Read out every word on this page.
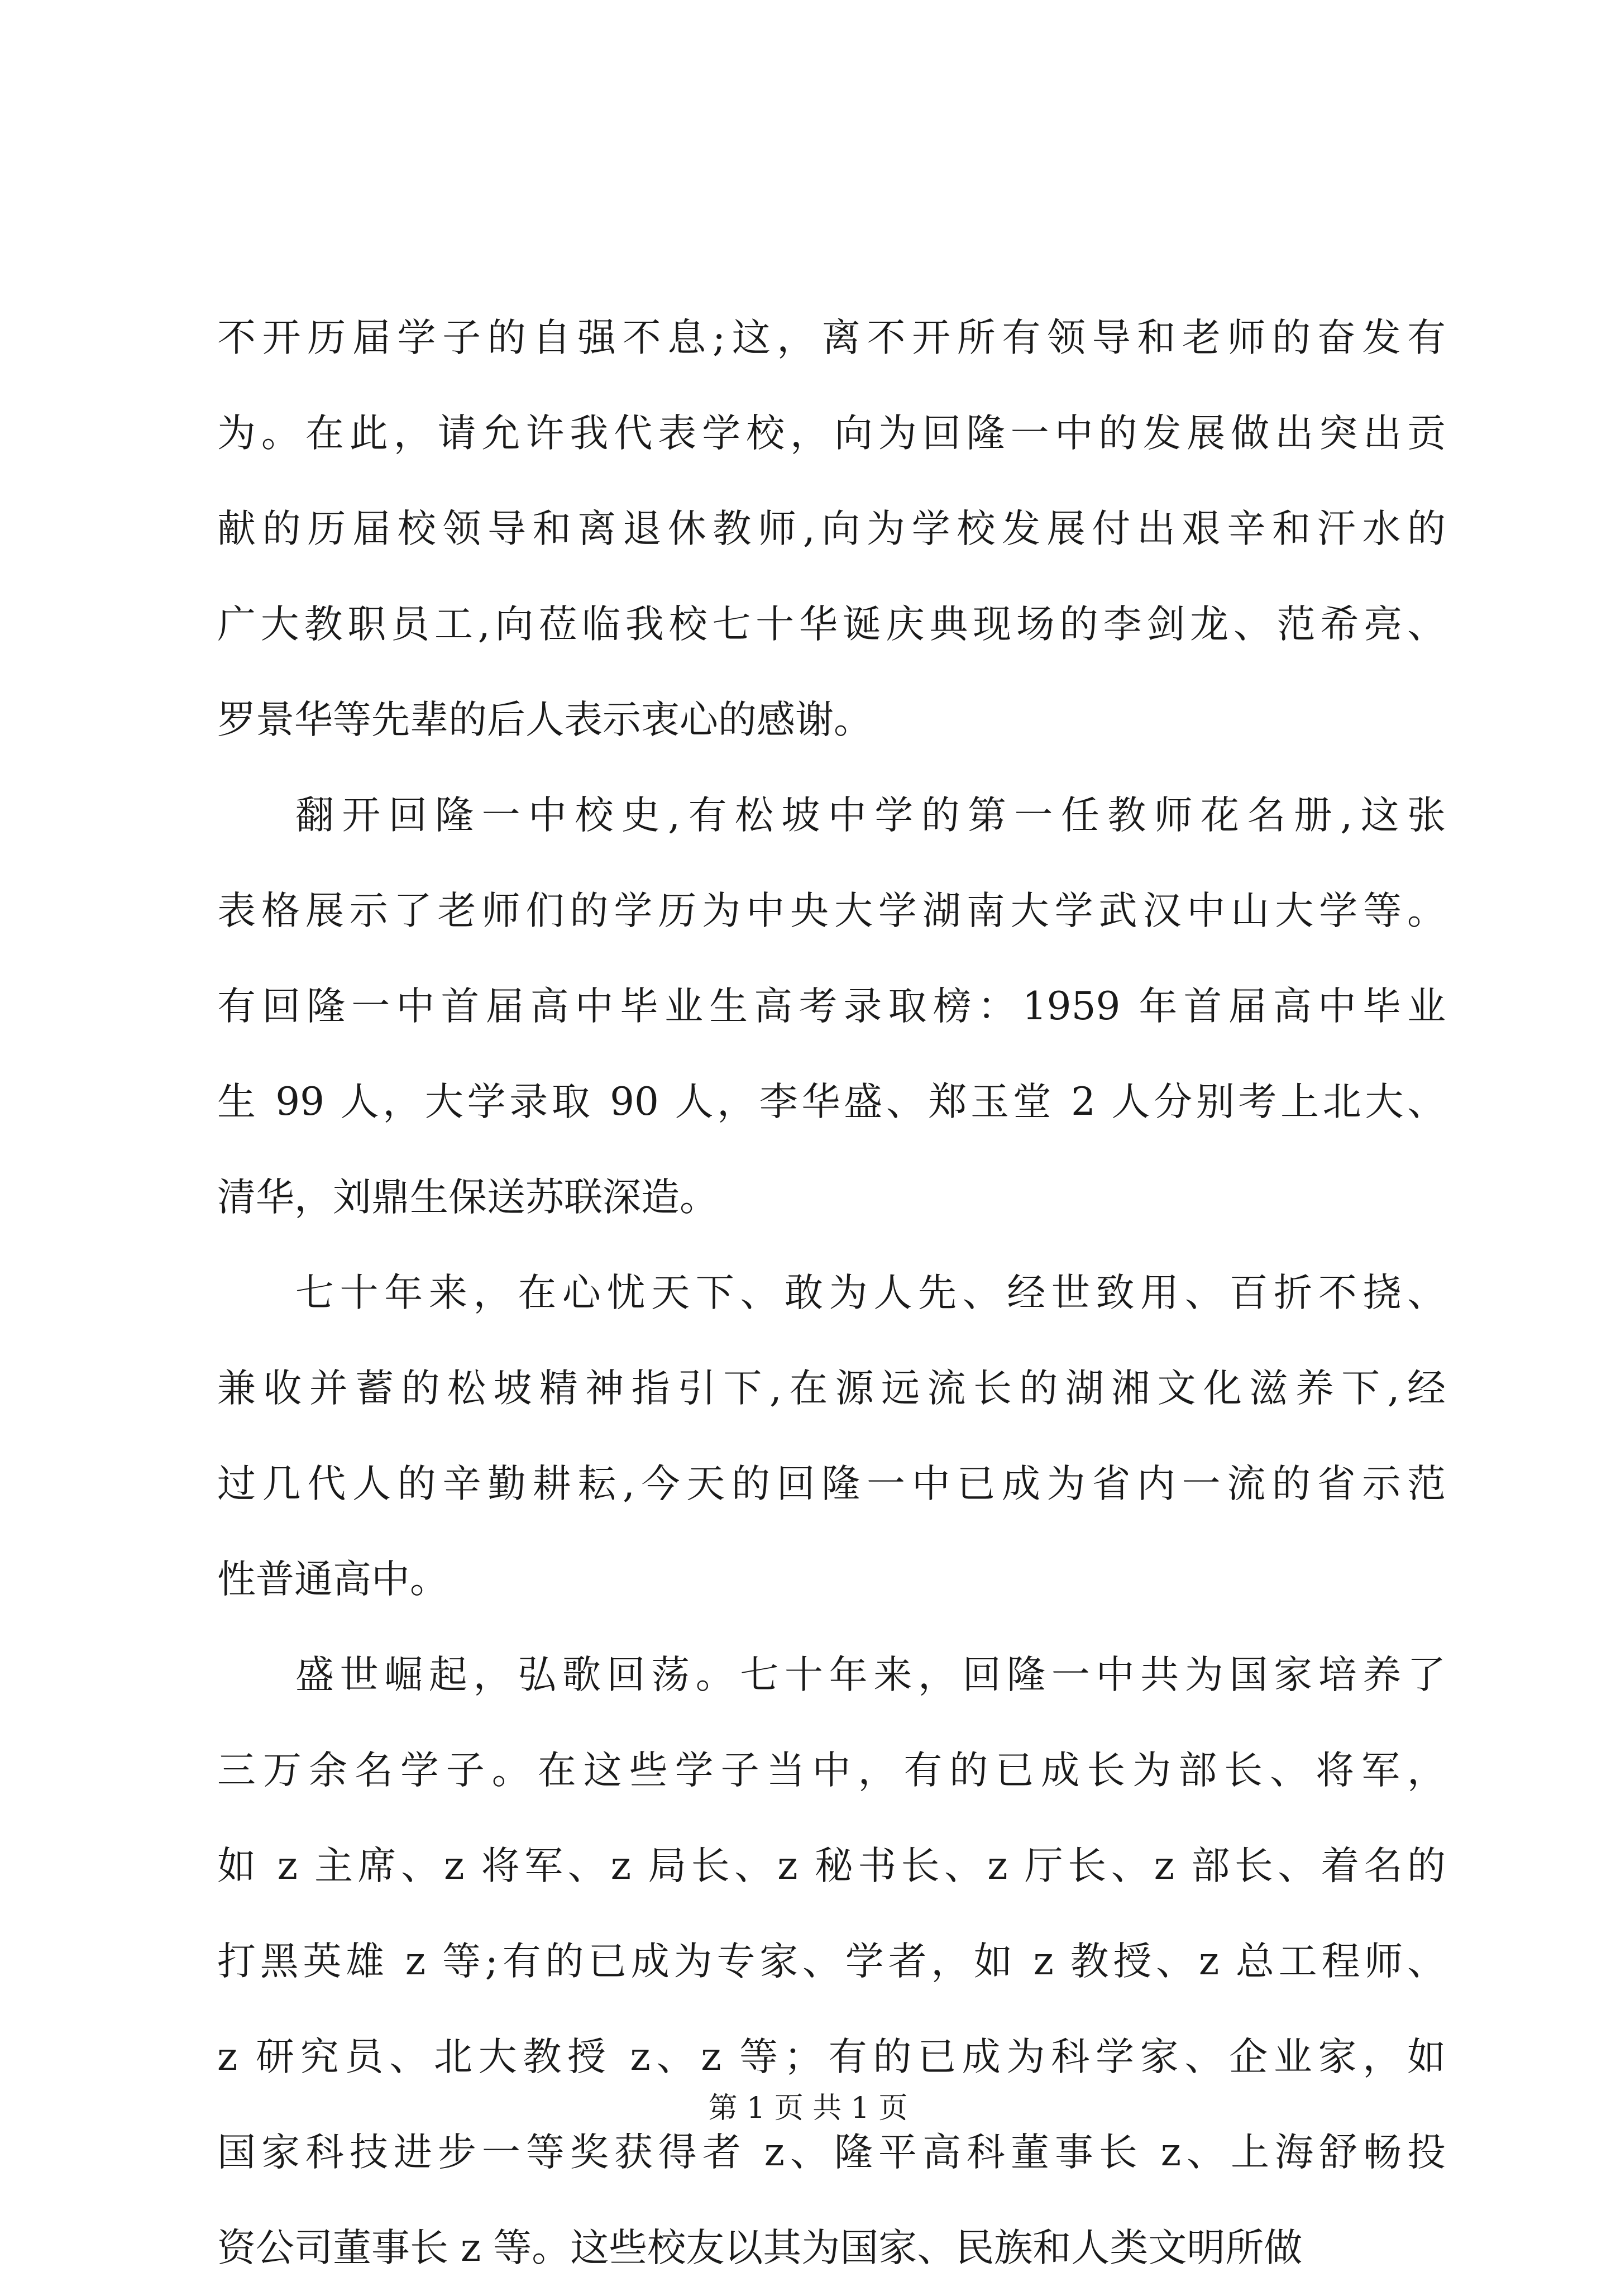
不开历届学子的自强不息;这，离不开所有领导和老师的奋发有
为。在此，请允许我代表学校，向为回隆一中的发展做出突出贡
献的历届校领导和离退休教师,向为学校发展付出艰辛和汗水的
广大教职员工,向莅临我校七十华诞庆典现场的李剑龙、范希亮、
罗景华等先辈的后人表示衷心的感谢。
翻开回隆一中校史,有松坡中学的第一任教师花名册,这张
表格展示了老师们的学历为中央大学湖南大学武汉中山大学等。
有回隆一中首届高中毕业生高考录取榜：1959 年首届高中毕业
生 99 人，大学录取 90 人，李华盛、郑玉堂 2 人分别考上北大、
清华，刘鼎生保送苏联深造。
七十年来，在心忧天下、敢为人先、经世致用、百折不挠、
兼收并蓄的松坡精神指引下,在源远流长的湖湘文化滋养下,经
过几代人的辛勤耕耘,今天的回隆一中已成为省内一流的省示范
性普通高中。
盛世崛起，弘歌回荡。七十年来，回隆一中共为国家培养了
三万余名学子。在这些学子当中，有的已成长为部长、将军，
如 z 主席、z 将军、z 局长、z 秘书长、z 厅长、z 部长、着名的
打黑英雄 z 等;有的已成为专家、学者，如 z 教授、z 总工程师、
z 研究员、北大教授 z、z 等；有的已成为科学家、企业家，如
国家科技进步一等奖获得者 z、隆平高科董事长 z、上海舒畅投
资公司董事长 z 等。这些校友以其为国家、民族和人类文明所做
第 1 页 共 1 页
